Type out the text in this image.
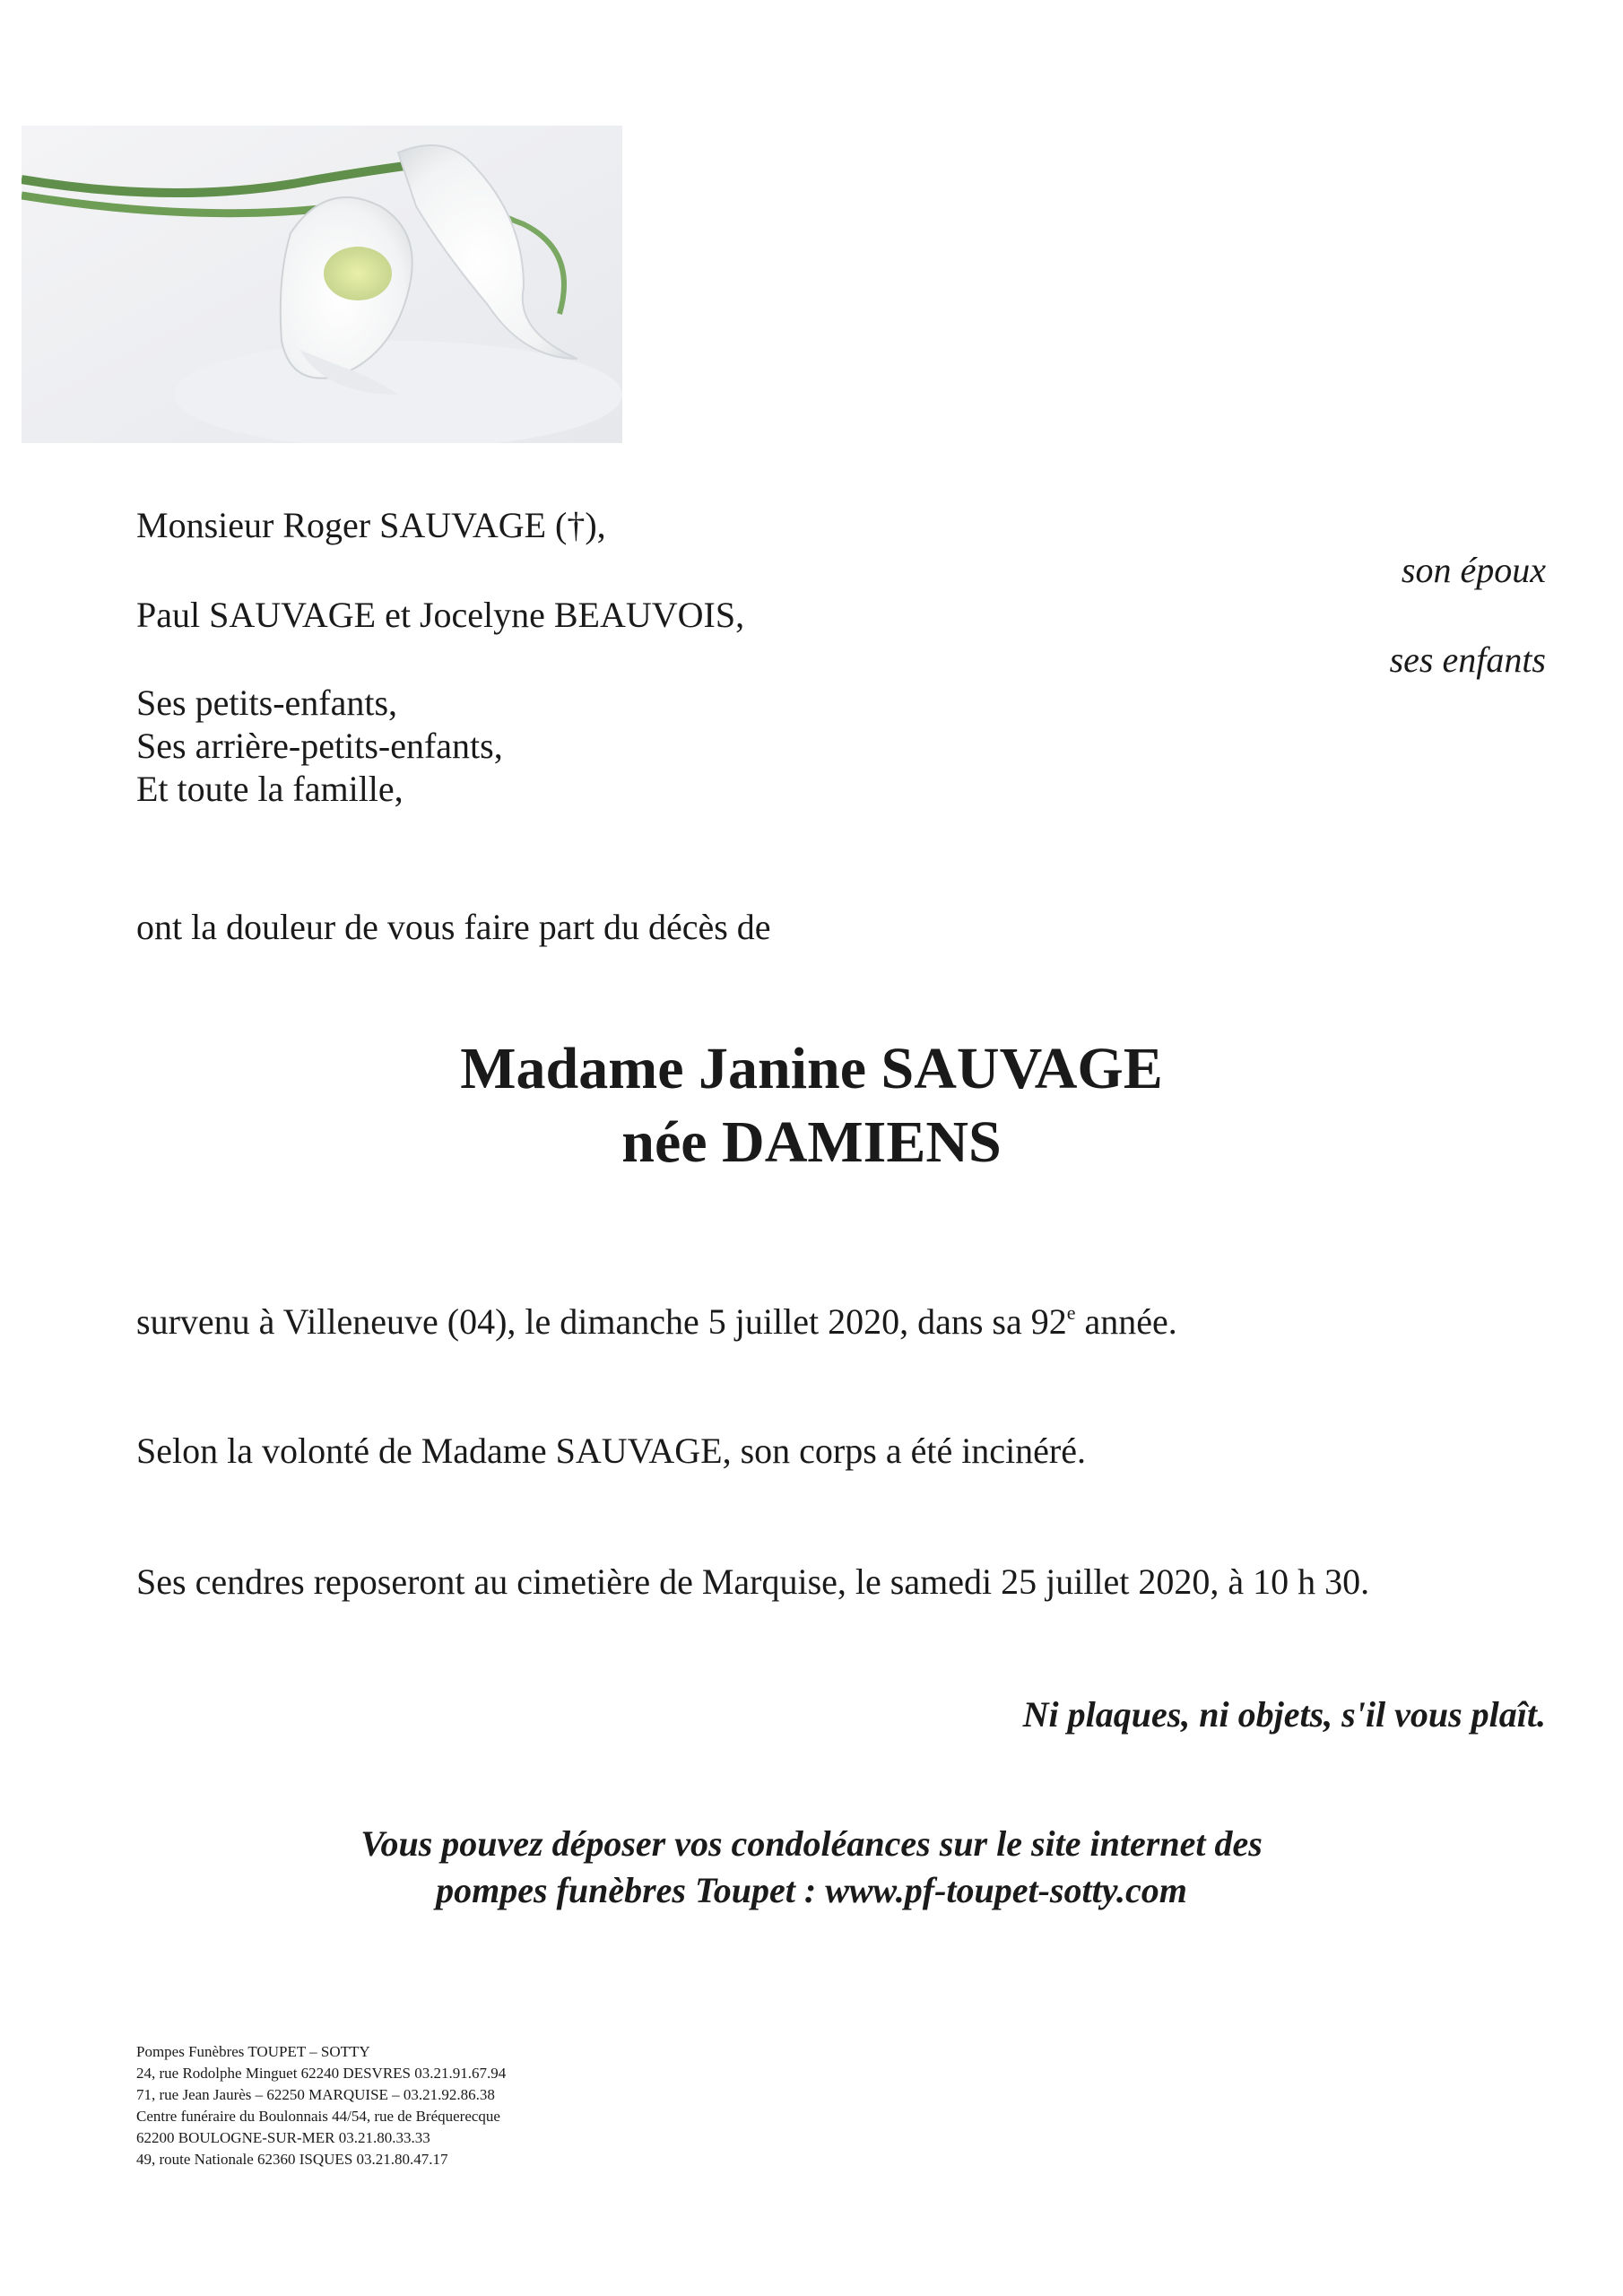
Monsieur Roger SAUVAGE (†),
Paul SAUVAGE et Jocelyne BEAUVOIS,
Ses petits-enfants,
Ses arrière-petits-enfants,
Et toute la famille,
son époux
ses enfants
ont la douleur de vous faire part du décès de
Madame Janine SAUVAGE
née DAMIENS
survenu à Villeneuve (04), le dimanche 5 juillet 2020, dans sa 92e année.
Selon la volonté de Madame SAUVAGE, son corps a été incinéré.
Ses cendres reposeront au cimetière de Marquise, le samedi 25 juillet 2020, à 10 h 30.
Ni plaques, ni objets, s'il vous plaît.
Vous pouvez déposer vos condoléances sur le site internet des
pompes funèbres Toupet : www.pf-toupet-sotty.com
Pompes Funèbres TOUPET – SOTTY
24, rue Rodolphe Minguet 62240 DESVRES 03.21.91.67.94
71, rue Jean Jaurès – 62250 MARQUISE – 03.21.92.86.38
Centre funéraire du Boulonnais 44/54, rue de Bréquerecque
62200 BOULOGNE-SUR-MER 03.21.80.33.33
49, route Nationale 62360 ISQUES 03.21.80.47.17
